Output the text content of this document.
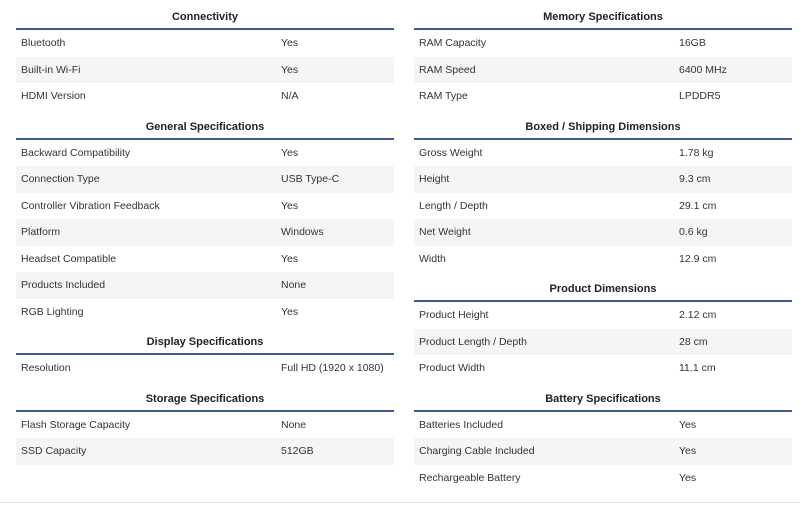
Connectivity
Bluetooth	Yes
Built-in Wi-Fi	Yes
HDMI Version	N/A
General Specifications
Backward Compatibility	Yes
Connection Type	USB Type-C
Controller Vibration Feedback	Yes
Platform	Windows
Headset Compatible	Yes
Products Included	None
RGB Lighting	Yes
Display Specifications
Resolution	Full HD (1920 x 1080)
Storage Specifications
Flash Storage Capacity	None
SSD Capacity	512GB
Memory Specifications
RAM Capacity	16GB
RAM Speed	6400 MHz
RAM Type	LPDDR5
Boxed / Shipping Dimensions
Gross Weight	1.78 kg
Height	9.3 cm
Length / Depth	29.1 cm
Net Weight	0.6 kg
Width	12.9 cm
Product Dimensions
Product Height	2.12 cm
Product Length / Depth	28 cm
Product Width	11.1 cm
Battery Specifications
Batteries Included	Yes
Charging Cable Included	Yes
Rechargeable Battery	Yes
